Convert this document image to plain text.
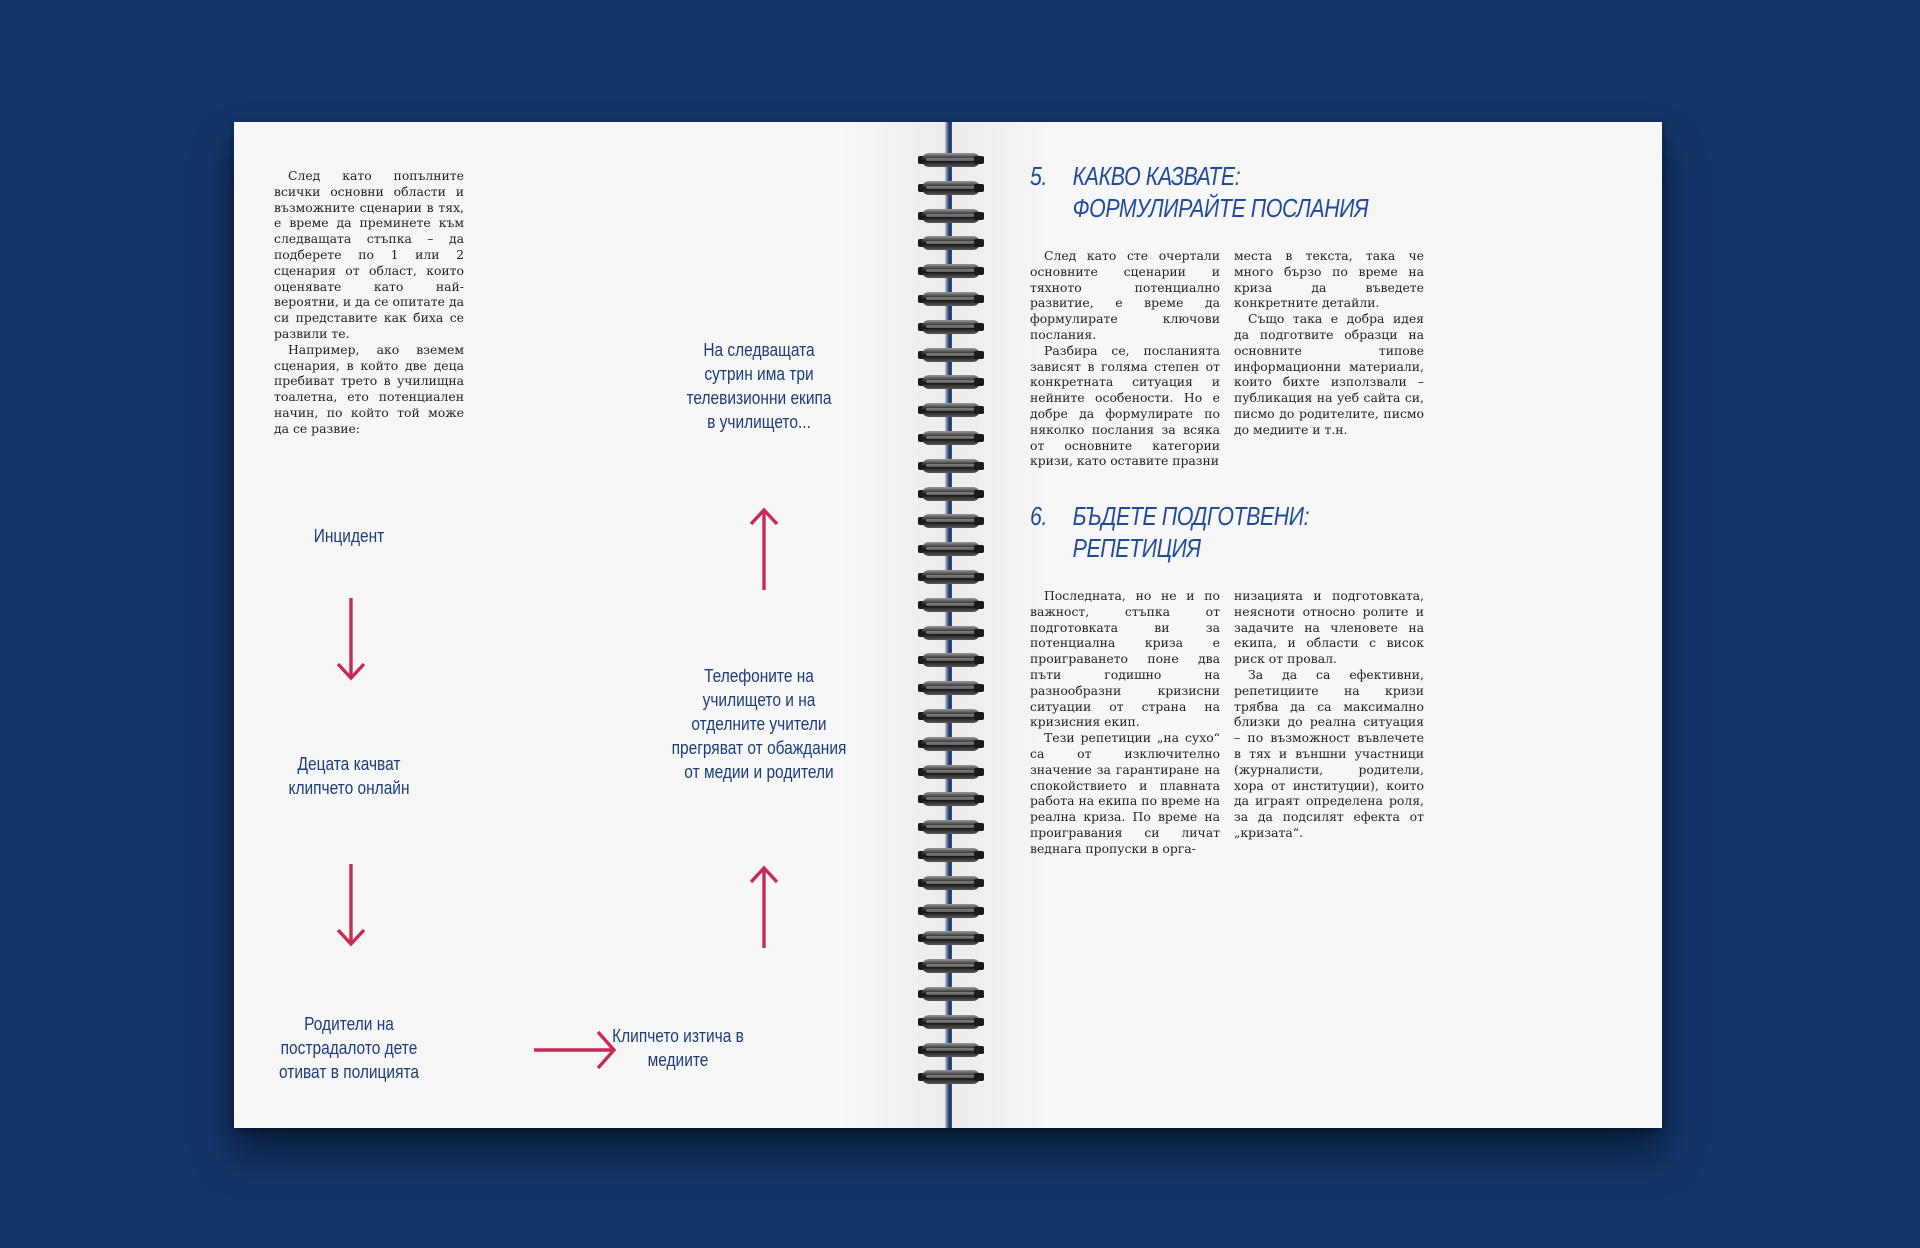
След като попълните всички основни области и възможните сценарии в тях, е време да преминете към следващата стъпка – да подберете по 1 или 2 сценария от област, които оценявате като най-вероятни, и да се опитате да си представите как биха се развили те.

Например, ако вземем сценария, в който две деца пребиват трето в училищна тоалетна, ето потенциален начин, по който той може да се развие:

Инцидент
Децата качват клипчето онлайн
Родители на пострадалото дете отиват в полицията
Клипчето изтича в медиите
Телефоните на училището и на отделните учители прегряват от обаждания от медии и родители
На следващата сутрин има три телевизионни екипа в училището...
5. КАКВО КАЗВАТЕ:
ФОРМУЛИРАЙТЕ ПОСЛАНИЯ

След като сте очертали основните сценарии и тяхното потенциално развитие, е време да формулирате ключови послания.

Разбира се, посланията зависят в голяма степен от конкретната ситуация и нейните особености. Но е добре да формулирате по няколко послания за всяка от основните категории кризи, като оставите празни

места в текста, така че много бързо по време на криза да въведете конкретните детайли.

Също така е добра идея да подготвите образци на основните типове информационни материали, които бихте използвали – публикация на уеб сайта си, писмо до родителите, писмо до медиите и т.н.

6. БЪДЕТЕ ПОДГОТВЕНИ:
РЕПЕТИЦИЯ

Последната, но не и по важност, стъпка от подготовката ви за потенциална криза е проиграването поне два пъти годишно на разнообразни кризисни ситуации от страна на кризисния екип.

Тези репетиции „на сухо“ са от изключително значение за гарантиране на спокойствието и плавната работа на екипа по време на реална криза. По време на проигравания си личат веднага пропуски в орга-

низацията и подготовката, неясноти относно ролите и задачите на членовете на екипа, и области с висок риск от провал.

За да са ефективни, репетициите на кризи трябва да са максимално близки до реална ситуация – по възможност въвлечете в тях и външни участници (журналисти, родители, хора от институции), които да играят определена роля, за да подсилят ефекта от „кризата“.
